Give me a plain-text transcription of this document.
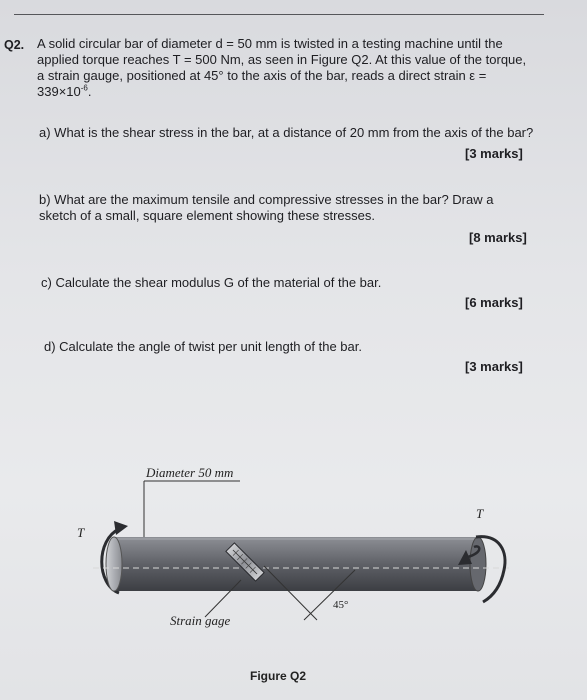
Q2. A solid circular bar of diameter d = 50 mm is twisted in a testing machine until the
applied torque reaches T = 500 Nm, as seen in Figure Q2. At this value of the torque,
a strain gauge, positioned at 45° to the axis of the bar, reads a direct strain ε =
$339\times 10^{-6}$.
a) What is the shear stress in the bar, at a distance of 20 mm from the axis of the bar?
[3 marks]
b) What are the maximum tensile and compressive stresses in the bar? Draw a
sketch of a small, square element showing these stresses.
[8 marks]
c) Calculate the shear modulus G of the material of the bar.
[6 marks]
d) Calculate the angle of twist per unit length of the bar.
[3 marks]
Diameter 50 mm
T
Strain gage
45°
T
Figure Q2
